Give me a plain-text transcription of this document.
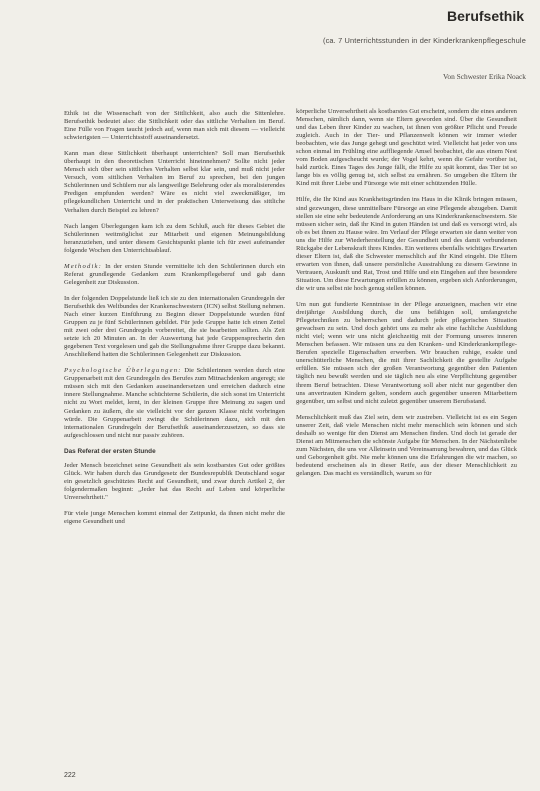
Berufsethik
(ca. 7 Unterrichtsstunden in der Kinderkrankenpflegeschule
Von Schwester Erika Noack

Ethik ist die Wissenschaft von der Sittlichkeit, also auch die Sittenlehre. Berufsethik bedeutet also: die Sittlichkeit oder das sittliche Verhalten im Beruf. Eine Fülle von Fragen taucht jedoch auf, wenn man sich mit diesem — vielleicht schwierigsten — Unterrichtsstoff auseinandersetzt.

Kann man diese Sittlichkeit überhaupt unterrichten? Soll man Berufsethik überhaupt in den theoretischen Unterricht hineinnehmen? Sollte nicht jeder Mensch sich über sein sittliches Verhalten selbst klar sein, und muß nicht jeder Versuch, vom sittlichen Verhalten im Beruf zu sprechen, bei den jungen Schülerinnen und Schülern nur als langweilige Belehrung oder als moralisierendes Predigen empfunden werden? Wäre es nicht viel zweckmäßiger, im pflegekundlichen Unterricht und in der praktischen Unterweisung das sittliche Verhalten durch Beispiel zu lehren?

Nach langen Überlegungen kam ich zu dem Schluß, auch für dieses Gebiet die Schülerinnen weitmöglichst zur Mitarbeit und eigenen Meinungsbildung heranzuziehen, und unter diesem Gesichtspunkt plante ich für zwei aufeinander folgende Wochen den Unterrichtsablauf.

Methodik: In der ersten Stunde vermittelte ich den Schülerinnen durch ein Referat grundlegende Gedanken zum Krankenpflegeberuf und gab dann Gelegenheit zur Diskussion.

In der folgenden Doppelstunde ließ ich sie zu den internationalen Grundregeln der Berufsethik des Weltbundes der Krankenschwestern (ICN) selbst Stellung nehmen. Nach einer kurzen Einführung zu Beginn dieser Doppelstunde wurden fünf Gruppen zu je fünf Schülerinnen gebildet. Für jede Gruppe hatte ich einen Zettel mit zwei oder drei Grundregeln vorbereitet, die sie bearbeiten sollten. Als Zeit setzte ich 20 Minuten an. In der Auswertung hat jede Gruppensprecherin den gegebenen Text vorgelesen und gab die Stellungnahme ihrer Gruppe dazu bekannt. Anschließend hatten die Schülerinnen Gelegenheit zur Diskussion.

Psychologische Überlegungen: Die Schülerinnen werden durch eine Gruppenarbeit mit den Grundregeln des Berufes zum Mitnachdenken angeregt; sie müssen sich mit den Gedanken auseinandersetzen und erreichen dadurch eine innere Stellungnahme. Manche schüchterne Schülerin, die sich sonst im Unterricht nicht zu Wort meldet, lernt, in der kleinen Gruppe ihre Meinung zu sagen und Gedanken zu äußern, die sie vielleicht vor der ganzen Klasse nicht vorbringen würde. Die Gruppenarbeit zwingt die Schülerinnen dazu, sich mit den internationalen Grundregeln der Berufsethik auseinanderzusetzen, so dass sie aufgeschlossen und nicht nur passiv zuhören.

Das Referat der ersten Stunde

Jeder Mensch bezeichnet seine Gesundheit als sein kostbarstes Gut oder größtes Glück. Wir haben durch das Grundgesetz der Bundesrepublik Deutschland sogar ein gesetzlich geschütztes Recht auf Gesundheit, und zwar durch Artikel 2, der folgendermaßen beginnt: „Jeder hat das Recht auf Leben und körperliche Unversehrtheit."

Für viele junge Menschen kommt einmal der Zeitpunkt, da ihnen nicht mehr die eigene Gesundheit und

körperliche Unversehrtheit als kostbarstes Gut erscheint, sondern die eines anderen Menschen, nämlich dann, wenn sie Eltern geworden sind. Über die Gesundheit und das Leben ihrer Kinder zu wachen, ist ihnen von größter Pflicht und Freude zugleich. Auch in der Tier- und Pflanzenwelt können wir immer wieder beobachten, wie das Junge gehegt und geschützt wird. Vielleicht hat jeder von uns schon einmal im Frühling eine auffliegende Amsel beobachtet, die aus einem Nest vom Boden aufgescheucht wurde; der Vogel kehrt, wenn die Gefahr vorüber ist, bald zurück. Eines Tages des Junge fällt, die Hilfe zu spät kommt, das Tier ist so lange bis es völlig genug ist, sich selbst zu ernähren. So umgeben die Eltern ihr Kind mit ihrer Liebe und Fürsorge wie mit einer schützenden Hülle.

Hilfe, die Ihr Kind aus Krankheitsgründen ins Haus in die Klinik bringen müssen, sind gezwungen, diese unmittelbare Fürsorge an eine Pflegende abzugeben. Damit stellen sie eine sehr bedeutende Anforderung an uns Kinderkrankenschwestern. Sie müssen sicher sein, daß ihr Kind in guten Händen ist und daß es versorgt wird, als ob es bei ihnen zu Hause wäre. Im Verlauf der Pflege erwarten sie dann weiter von uns die Hilfe zur Wiederherstellung der Gesundheit und des damit verbundenen Rückgabe der Lebenskraft ihres Kindes. Ein weiteres ebenfalls wichtiges Erwarten dieser Eltern ist, daß die Schwester menschlich auf ihr Kind eingeht. Die Eltern erwarten von ihnen, daß unsere persönliche Ausstrahlung zu diesem Gewinne in Vertrauen, Auskunft und Rat, Trost und Hilfe und ein Eingehen auf ihre besondere Situation. Um diese Erwartungen erfüllen zu können, ergeben sich Anforderungen, die wir uns selbst nie hoch genug stellen können.

Um nun gut fundierte Kenntnisse in der Pflege anzueignen, machen wir eine dreijährige Ausbildung durch, die uns befähigen soll, umfangreiche Pflegetechniken zu beherrschen und dadurch jeder pflegerischen Situation gewachsen zu sein. Und doch gehört uns zu mehr als eine fachliche Ausbildung nicht viel; wenn wir uns nicht gleichzeitig mit der Formung unseres inneren Menschen befassen. Wir müssen uns zu den Kranken- und Kinderkrankenpflege-Berufen spezielle Eigenschaften erwerben. Wir brauchen ruhige, exakte und unerschütterliche Menschen, die mit ihrer Sachlichkeit die gestellte Aufgabe erfüllen. Sie müssen sich der großen Verantwortung gegenüber den Patienten täglich neu bewußt werden und sie täglich neu als eine Verpflichtung gegenüber ihrem Beruf betrachten. Diese Verantwortung soll aber nicht nur gegenüber den uns anvertrauten Kindern gelten, sondern auch gegenüber unseren Mitarbeitern gegenüber, um selbst und nicht zuletzt gegenüber unserem Berufsstand.

Menschlichkeit muß das Ziel sein, dem wir zustreben. Vielleicht ist es ein Segen unserer Zeit, daß viele Menschen nicht mehr menschlich sein können und sich deshalb so wenige für den Dienst am Menschen finden. Und doch ist gerade der Dienst am Mitmenschen die schönste Aufgabe für Menschen. In der Nächstenliebe zum Nächsten, die uns vor Alleinsein und Vereinsamung bewahren, und das Glück und Geborgenheit gibt. Nie mehr können uns die Erfahrungen die wir machen, so bedeutend erscheinen als in dieser Reife, aus der dieser Menschlichkeit zu gelangen. Das macht es verständlich, warum so für

222
